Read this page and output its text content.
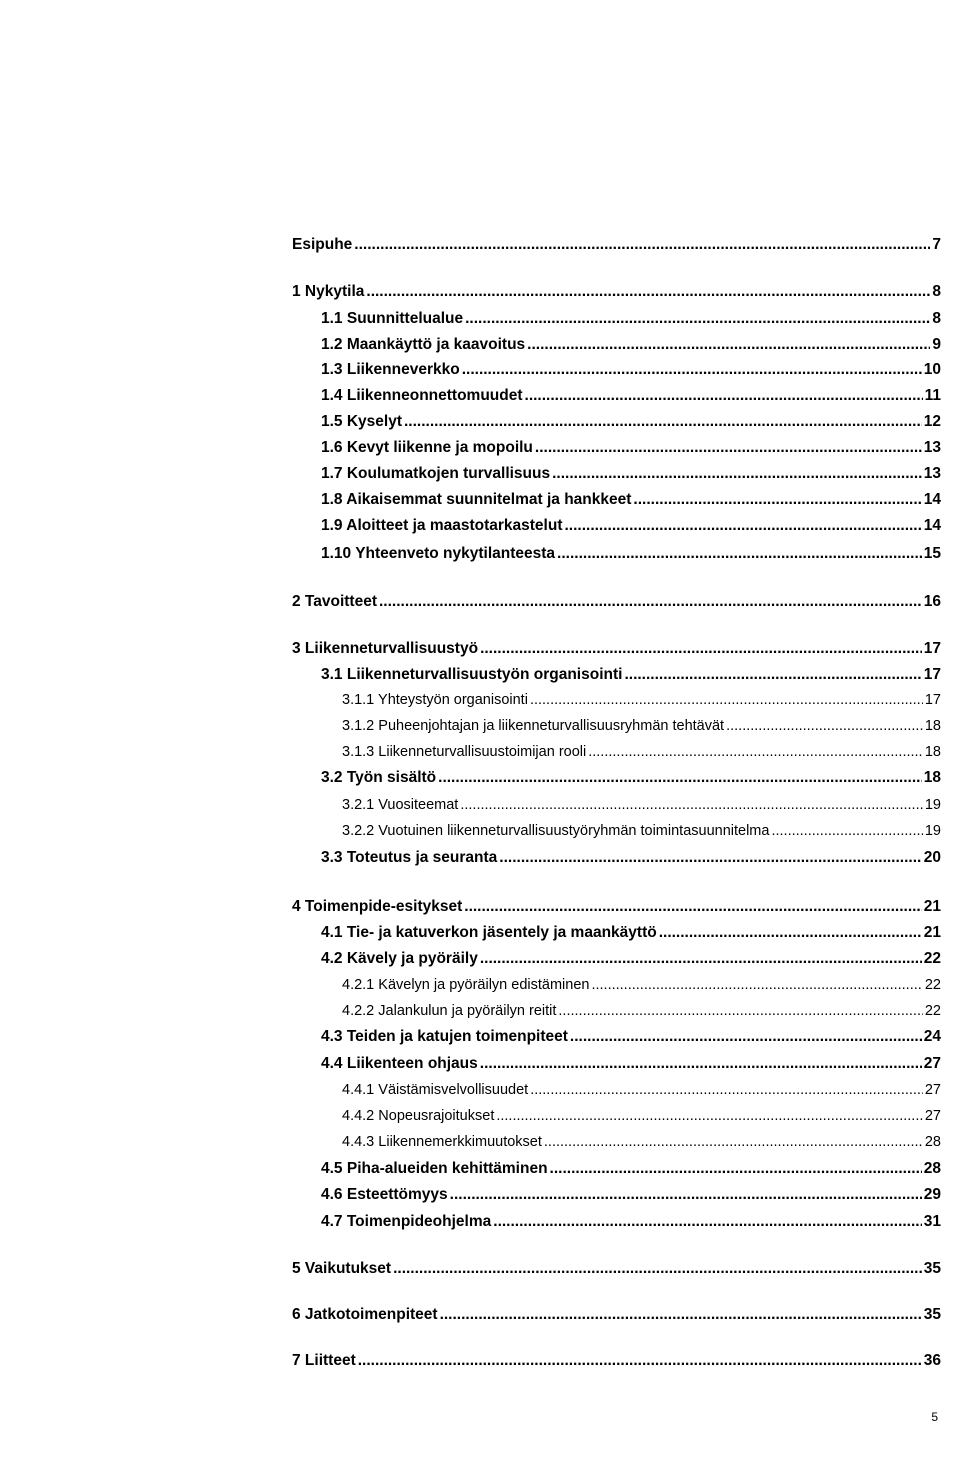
Esipuhe .....	7
1 Nykytila .....	8
1.1 Suunnittelualue .....	8
1.2 Maankäyttö ja kaavoitus .....	9
1.3 Liikenneverkko .....	10
1.4 Liikenneonnettomuudet .....	11
1.5 Kyselyt .....	12
1.6 Kevyt liikenne ja mopoilu .....	13
1.7 Koulumatkojen turvallisuus .....	13
1.8 Aikaisemmat suunnitelmat ja hankkeet .....	14
1.9 Aloitteet ja maastotarkastelut .....	14
1.10 Yhteenveto nykytilanteesta .....	15
2 Tavoitteet .....	16
3 Liikenneturvallisuustyö .....	17
3.1 Liikenneturvallisuustyön organisointi .....	17
3.1.1 Yhteystyön organisointi .....	17
3.1.2 Puheenjohtajan ja liikenneturvallisuusryhmän tehtävät .....	18
3.1.3 Liikenneturvallisuustoimijan rooli .....	18
3.2 Työn sisältö .....	18
3.2.1 Vuositeemat .....	19
3.2.2 Vuotuinen liikenneturvallisuustyöryhmän toimintasuunnitelma .....	19
3.3 Toteutus ja seuranta .....	20
4 Toimenpide-esitykset .....	21
4.1 Tie- ja katuverkon jäsentely ja maankäyttö .....	21
4.2 Kävely ja pyöräily .....	22
4.2.1 Kävelyn ja pyöräilyn edistäminen .....	22
4.2.2 Jalankulun ja pyöräilyn reitit .....	22
4.3 Teiden ja katujen toimenpiteet .....	24
4.4 Liikenteen ohjaus .....	27
4.4.1 Väistämisvelvollisuudet .....	27
4.4.2 Nopeusrajoitukset .....	27
4.4.3 Liikennemerkkimuutokset .....	28
4.5 Piha-alueiden kehittäminen .....	28
4.6 Esteettömyys .....	29
4.7 Toimenpideohjelma .....	31
5 Vaikutukset .....	35
6 Jatkotoimenpiteet .....	35
7 Liitteet .....	36
5
